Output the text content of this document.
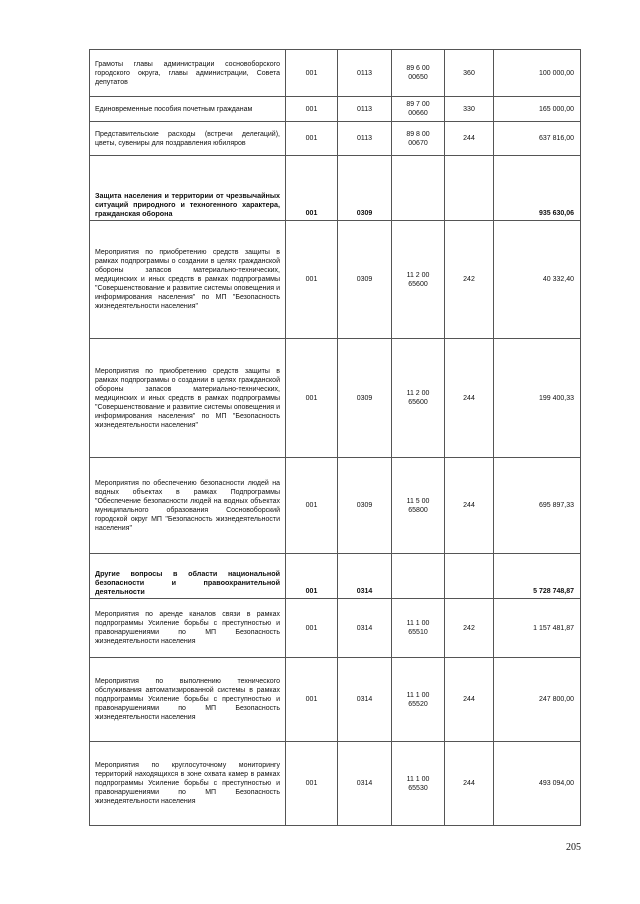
Грамоты главы администрации сосновоборского городского округа, главы администрации, Совета депутатов	001	0113	89 6 00 00650	360	100 000,00
Единовременные пособия почетным гражданам	001	0113	89 7 00 00660	330	165 000,00
Представительские расходы (встречи делегаций), цветы, сувениры для поздравления юбиляров	001	0113	89 8 00 00670	244	637 816,00
Защита населения и территории от чрезвычайных ситуаций природного и техногенного характера, гражданская оборона	001	0309			935 630,06
Мероприятия по приобретению средств защиты в рамках подпрограммы о создании в целях гражданской обороны запасов материально-технических, медицинских и иных средств в рамках подпрограммы "Совершенствование и развитие системы оповещения и информирования населения" по МП "Безопасность жизнедеятельности населения"	001	0309	11 2 00 65600	242	40 332,40
Мероприятия по приобретению средств защиты в рамках подпрограммы о создании в целях гражданской обороны запасов материально-технических, медицинских и иных средств в рамках подпрограммы "Совершенствование и развитие системы оповещения и информирования населения" по МП "Безопасность жизнедеятельности населения"	001	0309	11 2 00 65600	244	199 400,33
Мероприятия по обеспечению безопасности людей на водных объектах в рамках Подпрограммы "Обеспечение безопасности людей на водных объектах муниципального образования Сосновоборский городской округ МП "Безопасность жизнедеятельности населения"	001	0309	11 5 00 65800	244	695 897,33
Другие вопросы в области национальной безопасности и правоохранительной деятельности	001	0314			5 728 748,87
Мероприятия по аренде каналов связи в рамках подпрограммы Усиление борьбы с преступностью и правонарушениями по МП Безопасность жизнедеятельности населения	001	0314	11 1 00 65510	242	1 157 481,87
Мероприятия по выполнению технического обслуживания автоматизированной системы в рамках подпрограммы Усиление борьбы с преступностью и правонарушениями по МП Безопасность жизнедеятельности населения	001	0314	11 1 00 65520	244	247 800,00
Мероприятия по круглосуточному мониторингу территорий находящихся в зоне охвата камер в рамках подпрограммы Усиление борьбы с преступностью и правонарушениями по МП Безопасность жизнедеятельности населения	001	0314	11 1 00 65530	244	493 094,00
205
